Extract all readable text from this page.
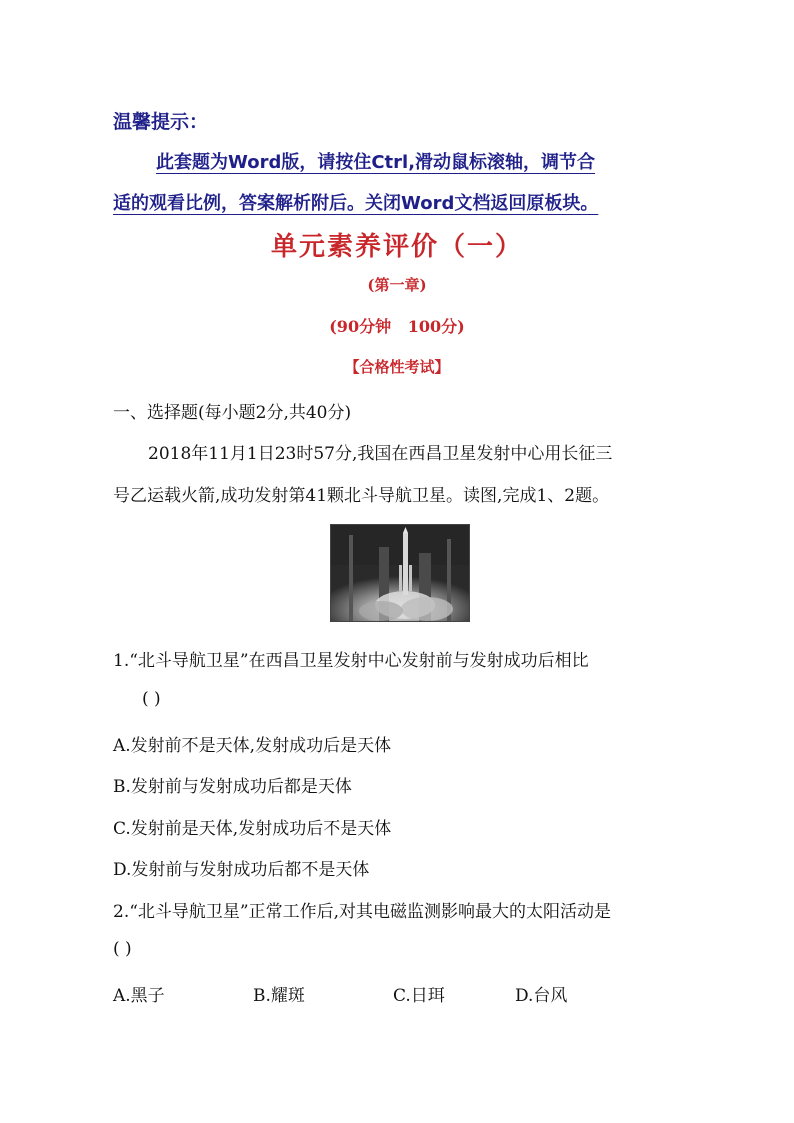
温馨提示：
此套题为Word版，请按住Ctrl,滑动鼠标滚轴，调节合
适的观看比例，答案解析附后。关闭Word文档返回原板块。
单元素养评价（一）
(第一章)
(90分钟   100分)
【合格性考试】
一、选择题(每小题2分,共40分)
2018年11月1日23时57分,我国在西昌卫星发射中心用长征三
号乙运载火箭,成功发射第41颗北斗导航卫星。读图,完成1、2题。
1.“北斗导航卫星”在西昌卫星发射中心发射前与发射成功后相比
( )
A.发射前不是天体,发射成功后是天体
B.发射前与发射成功后都是天体
C.发射前是天体,发射成功后不是天体
D.发射前与发射成功后都不是天体
2.“北斗导航卫星”正常工作后,对其电磁监测影响最大的太阳活动是
( )
A.黑子	B.耀斑	C.日珥	D.台风
